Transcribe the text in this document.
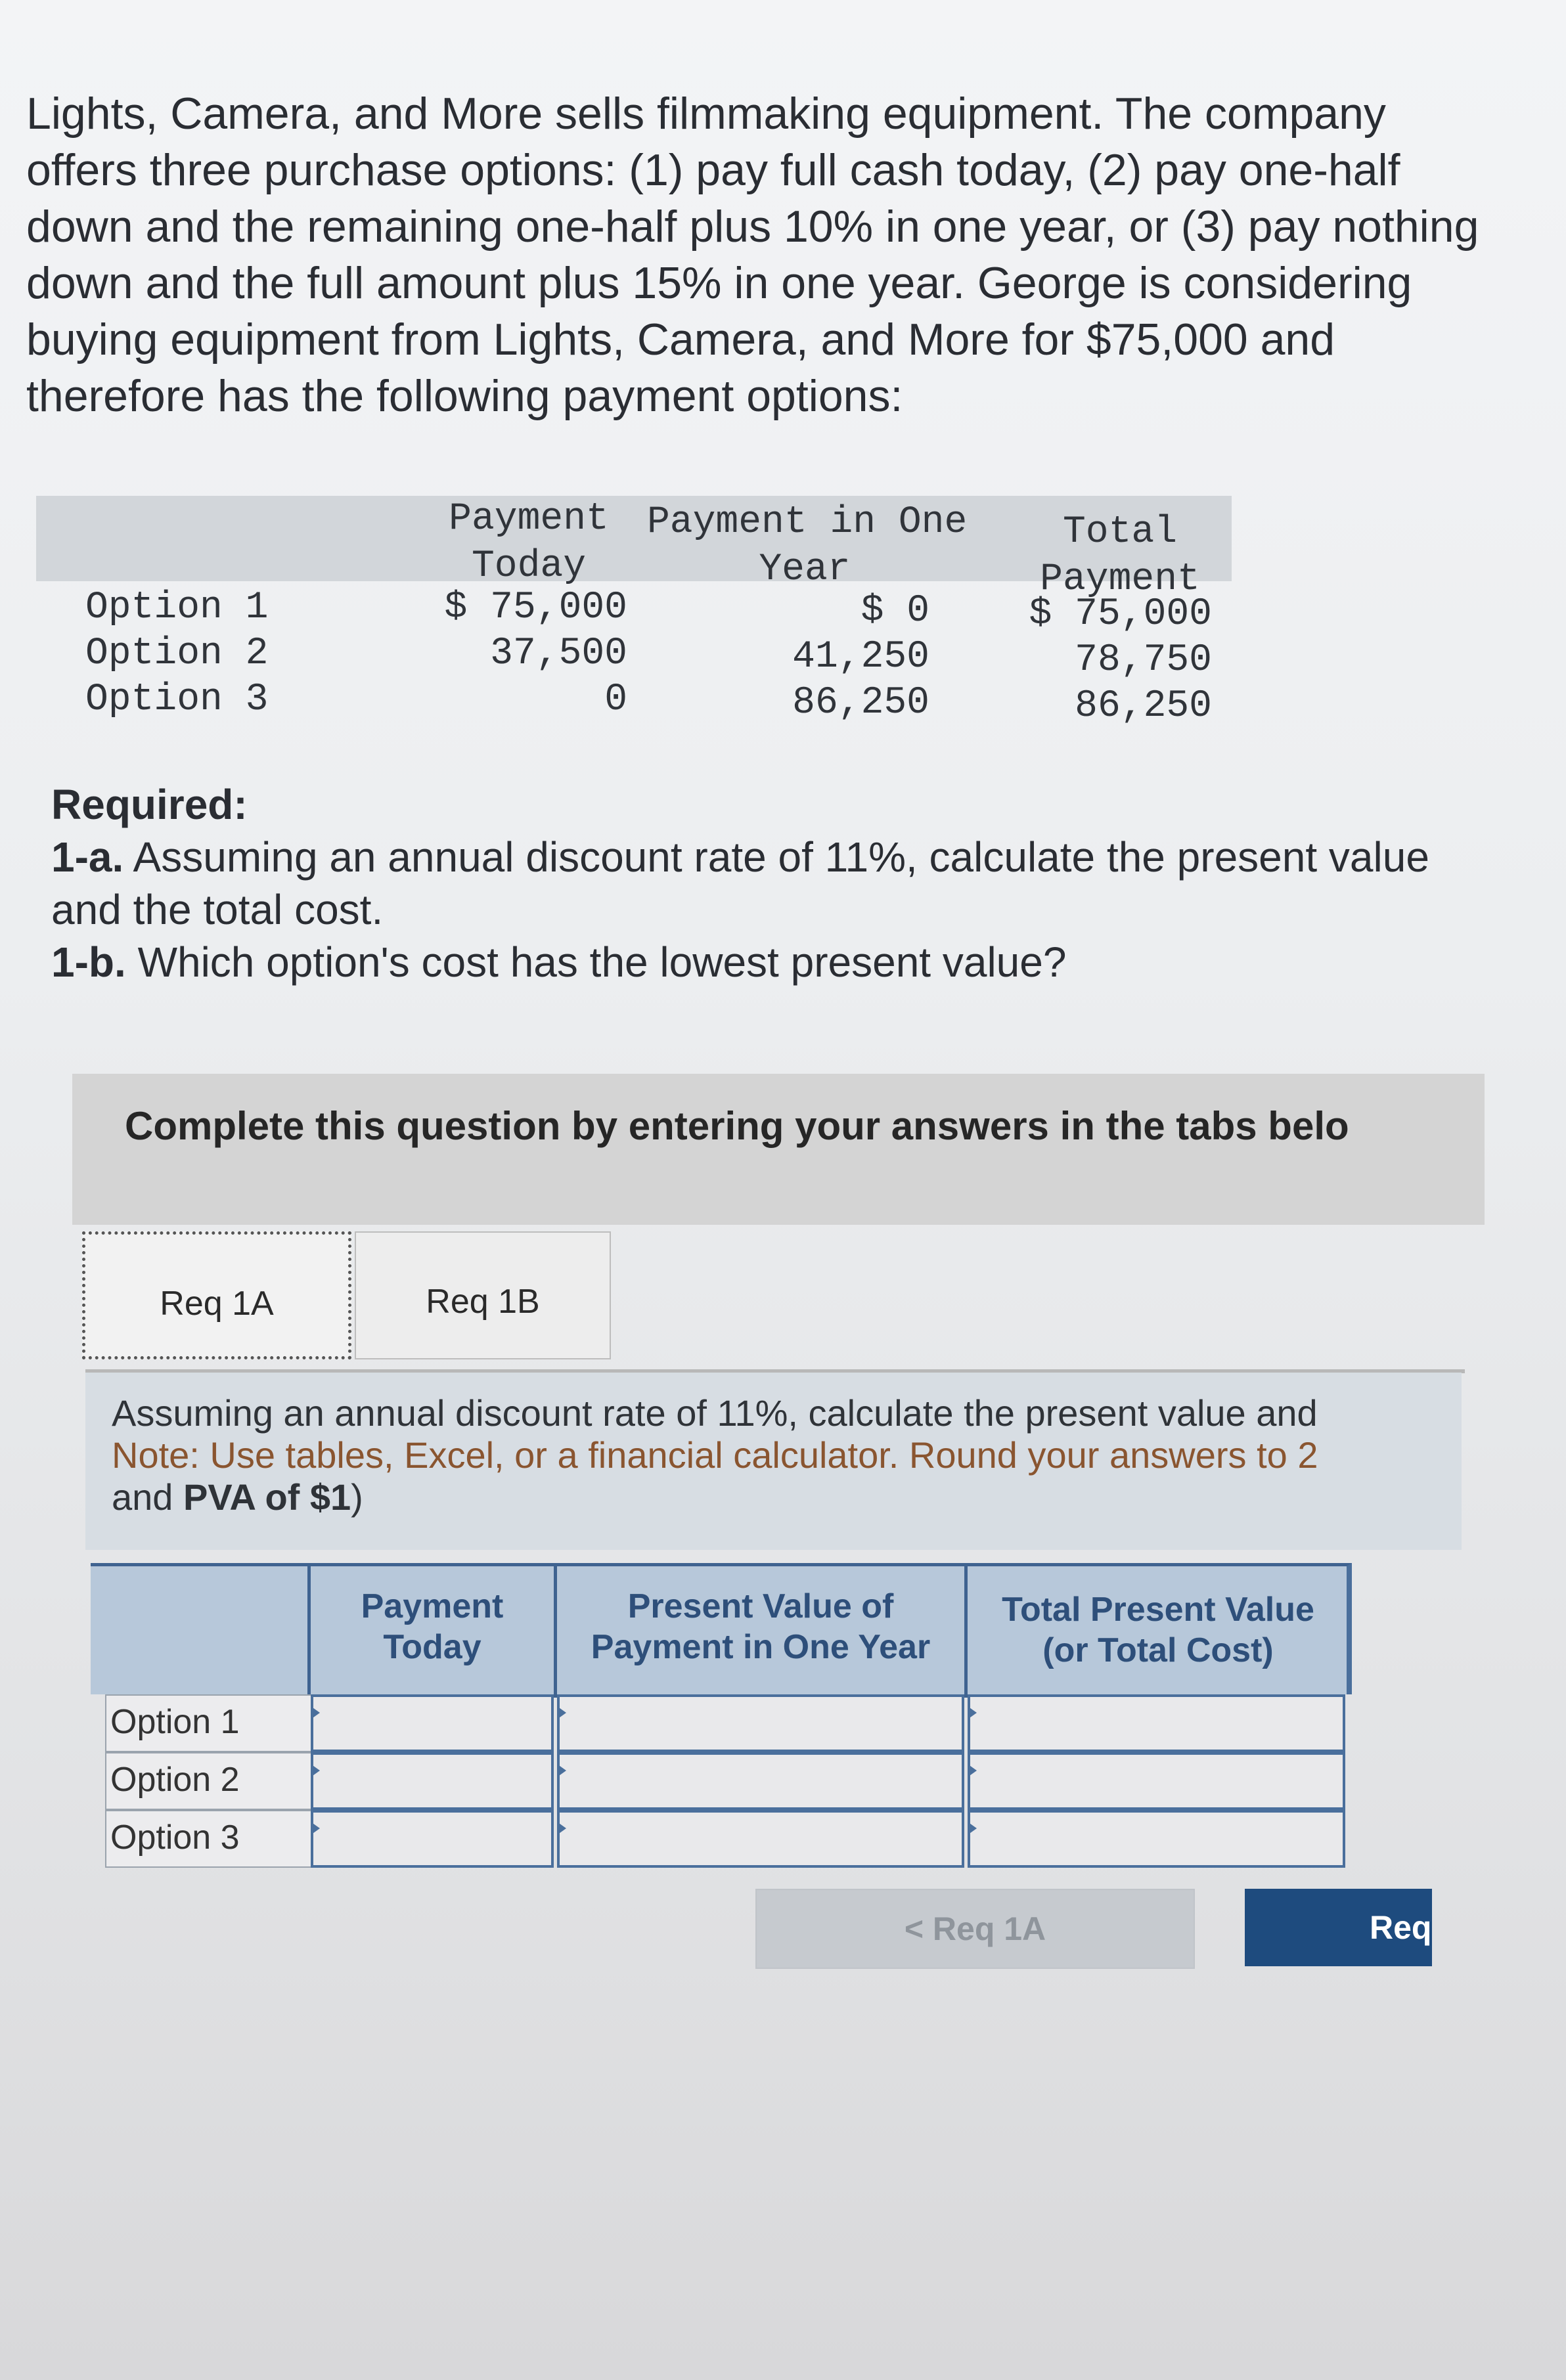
Lights, Camera, and More sells filmmaking equipment. The company offers three purchase options: (1) pay full cash today, (2) pay one-half down and the remaining one-half plus 10% in one year, or (3) pay nothing down and the full amount plus 15% in one year. George is considering buying equipment from Lights, Camera, and More for $75,000 and therefore has the following payment options:
Payment
Today
Payment in One
Year
Total
Payment
Option 1
Option 2
Option 3
$ 75,000
37,500
0
$ 0
41,250
86,250
$ 75,000
78,750
86,250
Required:
1-a. Assuming an annual discount rate of 11%, calculate the present value and the total cost.
1-b. Which option's cost has the lowest present value?
Complete this question by entering your answers in the tabs belo
Req 1A	Req 1B
Assuming an annual discount rate of 11%, calculate the present value and
Note: Use tables, Excel, or a financial calculator. Round your answers to 2
and PVA of $1)
Payment
Today
Present Value of
Payment in One Year
Total Present Value
(or Total Cost)
Option 1
Option 2
Option 3
< Req 1A	Req
